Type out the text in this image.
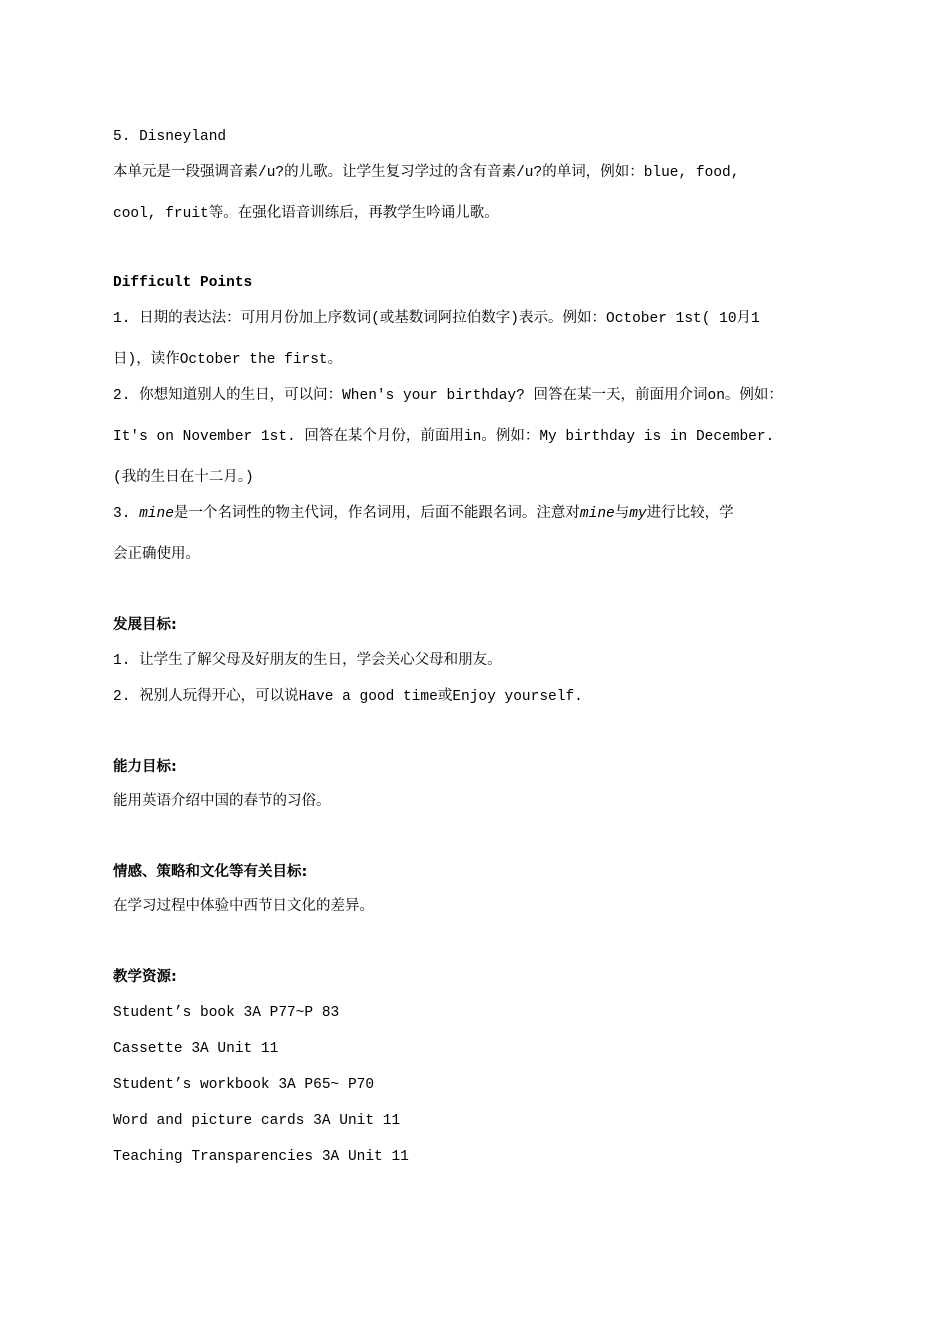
5. Disneyland
本单元是一段强调音素/u?的儿歌。让学生复习学过的含有音素/u?的单词，例如：blue, food,
cool, fruit等。在强化语音训练后，再教学生吟诵儿歌。
Difficult Points
1. 日期的表达法：可用月份加上序数词(或基数词阿拉伯数字)表示。例如：October 1st( 10月1
日)，读作October the first。
2. 你想知道别人的生日，可以问：When's your birthday? 回答在某一天，前面用介词on。例如：
It's on November 1st. 回答在某个月份，前面用in。例如：My birthday is in December.
(我的生日在十二月。)
3. mine是一个名词性的物主代词，作名词用，后面不能跟名词。注意对mine与my进行比较，学
会正确使用。
发展目标:
1. 让学生了解父母及好朋友的生日，学会关心父母和朋友。
2. 祝别人玩得开心，可以说Have a good time或Enjoy yourself.
能力目标:
能用英语介绍中国的春节的习俗。
情感、策略和文化等有关目标:
在学习过程中体验中西节日文化的差异。
教学资源:
Student’s book 3A P77~P 83
Cassette 3A Unit 11
Student’s workbook 3A P65~ P70
Word and picture cards 3A Unit 11
Teaching Transparencies 3A Unit 11
